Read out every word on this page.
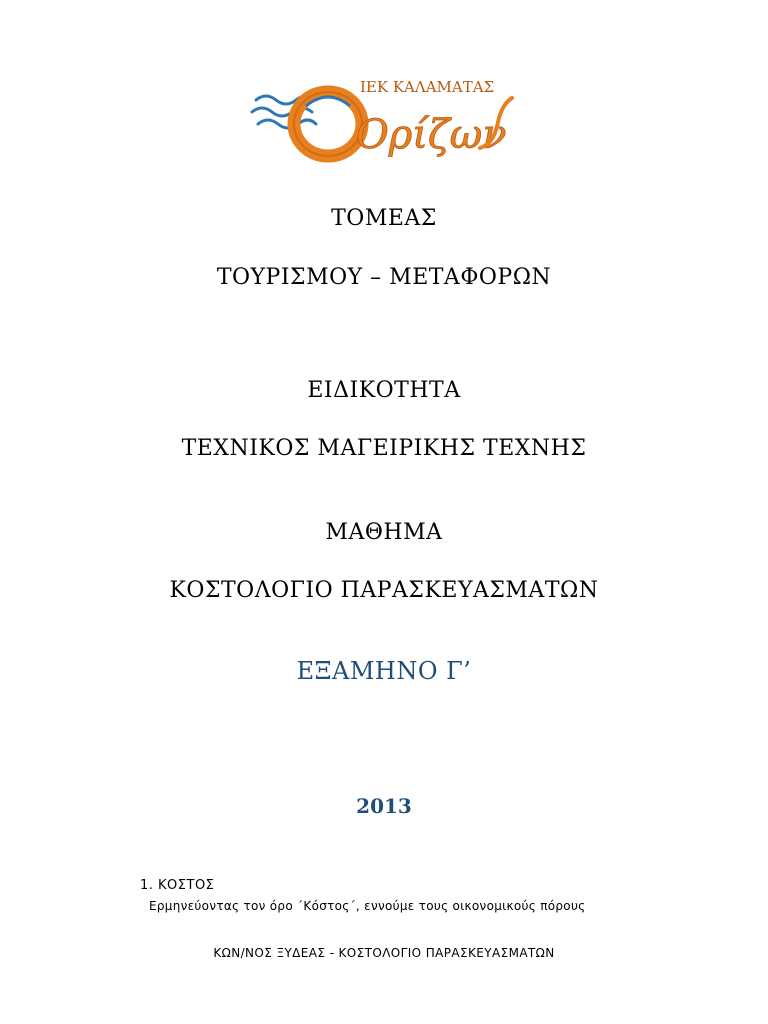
ΙΕΚ ΚΑΛΑΜΑΤΑΣ
Ορίζων
ΤΟΜΕΑΣ
ΤΟΥΡΙΣΜΟΥ – ΜΕΤΑΦΟΡΩΝ
ΕΙΔΙΚΟΤΗΤΑ
ΤΕΧΝΙΚΟΣ ΜΑΓΕΙΡΙΚΗΣ ΤΕΧΝΗΣ
ΜΑΘΗΜΑ
ΚΟΣΤΟΛΟΓΙΟ ΠΑΡΑΣΚΕΥΑΣΜΑΤΩΝ
ΕΞΑΜΗΝΟ Γ’
2013
1. ΚΟΣΤΟΣ
Ερμηνεύοντας τον όρο ΄Κόστος΄, εννούμε τους οικονομικούς πόρους
ΚΩΝ/ΝΟΣ ΞΥΔΕΑΣ - ΚΟΣΤΟΛΟΓΙΟ ΠΑΡΑΣΚΕΥΑΣΜΑΤΩΝ
